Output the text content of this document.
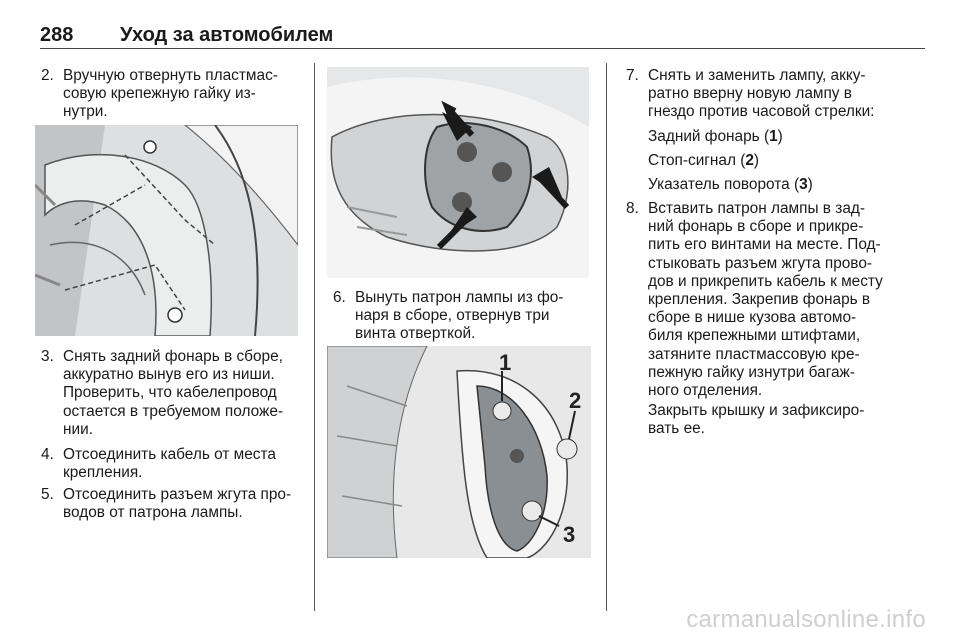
288 Уход за автомобилем
2. Вручную отвернуть пластмас-
совую крепежную гайку из-
нутри.
3. Снять задний фонарь в сборе,
аккуратно вынув его из ниши.
Проверить, что кабелепровод
остается в требуемом положе-
нии.
4. Отсоединить кабель от места
крепления.
5. Отсоединить разъем жгута про-
водов от патрона лампы.
6. Вынуть патрон лампы из фо-
наря в сборе, отвернув три
винта отверткой.
1
2
3
7. Снять и заменить лампу, акку-
ратно вверну новую лампу в
гнездо против часовой стрелки:
Задний фонарь (1)
Стоп-сигнал (2)
Указатель поворота (3)
8. Вставить патрон лампы в зад-
ний фонарь в сборе и прикре-
пить его винтами на месте. Под-
стыковать разъем жгута прово-
дов и прикрепить кабель к месту
крепления. Закрепив фонарь в
сборе в нише кузова автомо-
биля крепежными штифтами,
затяните пластмассовую кре-
пежную гайку изнутри багаж-
ного отделения.
Закрыть крышку и зафиксиро-
вать ее.
carmanualsonline.info
